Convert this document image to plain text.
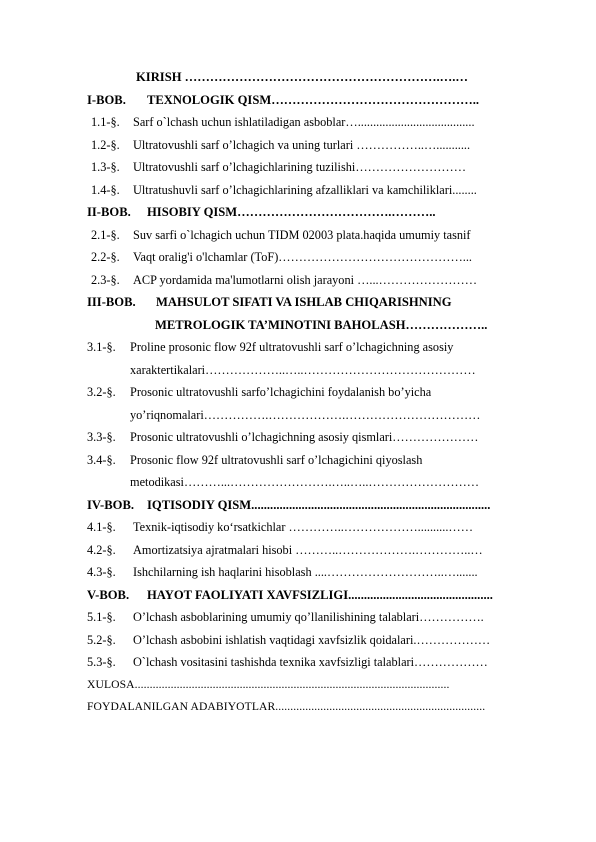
KIRISH …………………………………………………….….…
I-BOB. TEXNOLOGIK QISM…………………………………………..
1.1-§. Sarf o`lchash uchun ishlatiladigan asboblar…......................................
1.2-§. Ultratovushli sarf o’lchagich va uning turlari ……………..…...........
1.3-§. Ultratovushli sarf o’lchagichlarining tuzilishi………………………
1.4-§. Ultratushuvli sarf o’lchagichlarining afzalliklari va kamchiliklari........
II-BOB. HISOBIY QISM……………………………….………..
2.1-§. Suv sarfi o`lchagich uchun TIDM 02003 plata.haqida umumiy tasnif
2.2-§. Vaqt oralig'i o'lchamlar (ToF)………………………………………...
2.3-§. ACP yordamida ma'lumotlarni olish jarayoni …...……………………
III-BOB. MAHSULOT SIFATI VA ISHLAB CHIQARISHNING
METROLOGIK TA’MINOTINI BAHOLASH………………..
3.1-§. Proline prosonic flow 92f ultratovushli sarf o’lchagichning asosiy
xaraktertikalari………………..…..……………………………………
3.2-§. Prosonic ultratovushli sarfo’lchagichini foydalanish bo’yicha
yo’riqnomalari…………….……………….……………………………
3.3-§. Prosonic ultratovushli o’lchagichning asosiy qismlari…………………
3.4-§. Prosonic flow 92f ultratovushli sarf o’lchagichini qiyoslash
metodikasi………...…………………….…..…..………………………
IV-BOB. IQTISODIY QISM............................................................................
4.1-§. Texnik-iqtisodiy ko‘rsatkichlar …………..………………..........……
4.2-§. Amortizatsiya ajratmalari hisobi ………..……………….…………..…
4.3-§. Ishchilarning ish haqlarini hisoblash ....………………………..….......
V-BOB. HAYOT FAOLIYATI XAVFSIZLIGI..............................................
5.1-§. O’lchash asboblarining umumiy qo’llanilishining talablari…………….
5.2-§. O’lchash asbobini ishlatish vaqtidagi xavfsizlik qoidalari.………………
5.3-§. O`lchash vositasini tashishda texnika xavfsizligi talablari………………
XULOSA.........................................................................................................
FOYDALANILGAN ADABIYOTLAR......................................................................
